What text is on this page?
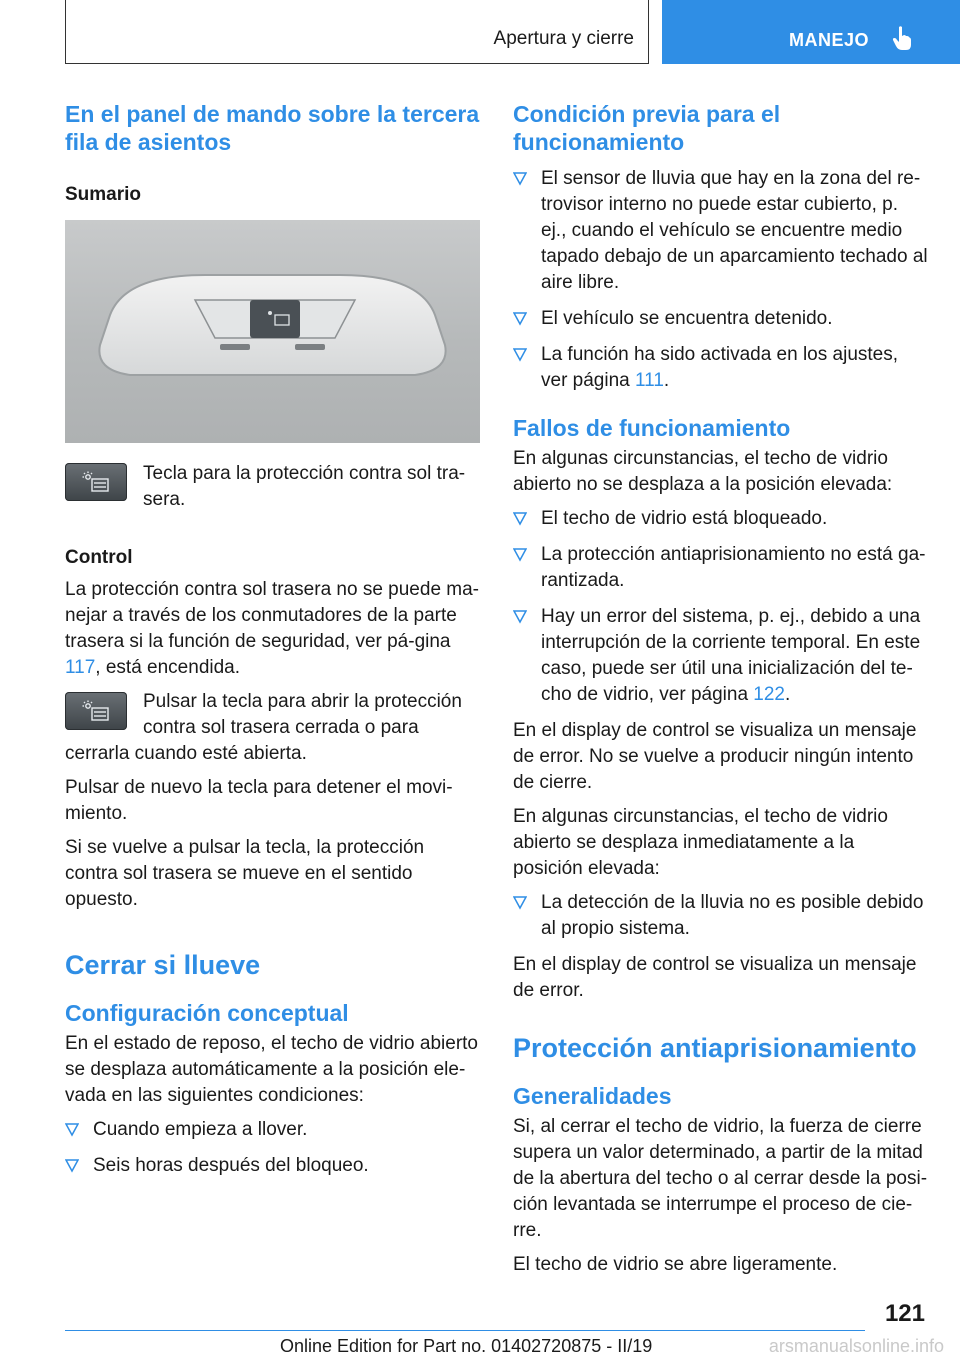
Apertura y cierre	MANEJO
En el panel de mando sobre la tercera fila de asientos
Sumario

Tecla para la protección contra sol tra-sera.

Control

La protección contra sol trasera no se puede ma-nejar a través de los conmutadores de la parte trasera si la función de seguridad, ver pá-gina 117, está encendida.

Pulsar la tecla para abrir la protección contra sol trasera cerrada o para cerrarla cuando esté abierta.

Pulsar de nuevo la tecla para detener el movi-miento.

Si se vuelve a pulsar la tecla, la protección contra sol trasera se mueve en el sentido opuesto.

Cerrar si llueve
Configuración conceptual

En el estado de reposo, el techo de vidrio abierto se desplaza automáticamente a la posición ele-vada en las siguientes condiciones:

Cuando empieza a llover.
Seis horas después del bloqueo.
Condición previa para el funcionamiento
El sensor de lluvia que hay en la zona del re-trovisor interno no puede estar cubierto, p. ej., cuando el vehículo se encuentre medio tapado debajo de un aparcamiento techado al aire libre.
El vehículo se encuentra detenido.
La función ha sido activada en los ajustes, ver página 111.
Fallos de funcionamiento

En algunas circunstancias, el techo de vidrio abierto no se desplaza a la posición elevada:

El techo de vidrio está bloqueado.
La protección antiaprisionamiento no está ga-rantizada.
Hay un error del sistema, p. ej., debido a una interrupción de la corriente temporal. En este caso, puede ser útil una inicialización del te-cho de vidrio, ver página 122.

En el display de control se visualiza un mensaje de error. No se vuelve a producir ningún intento de cierre.

En algunas circunstancias, el techo de vidrio abierto se desplaza inmediatamente a la posición elevada:

La detección de la lluvia no es posible debido al propio sistema.

En el display de control se visualiza un mensaje de error.

Protección antiaprisionamiento
Generalidades

Si, al cerrar el techo de vidrio, la fuerza de cierre supera un valor determinado, a partir de la mitad de la abertura del techo o al cerrar desde la posi-ción levantada se interrumpe el proceso de cie-rre.

El techo de vidrio se abre ligeramente.

121
Online Edition for Part no. 01402720875 - II/19	arsmanualsonline.info
